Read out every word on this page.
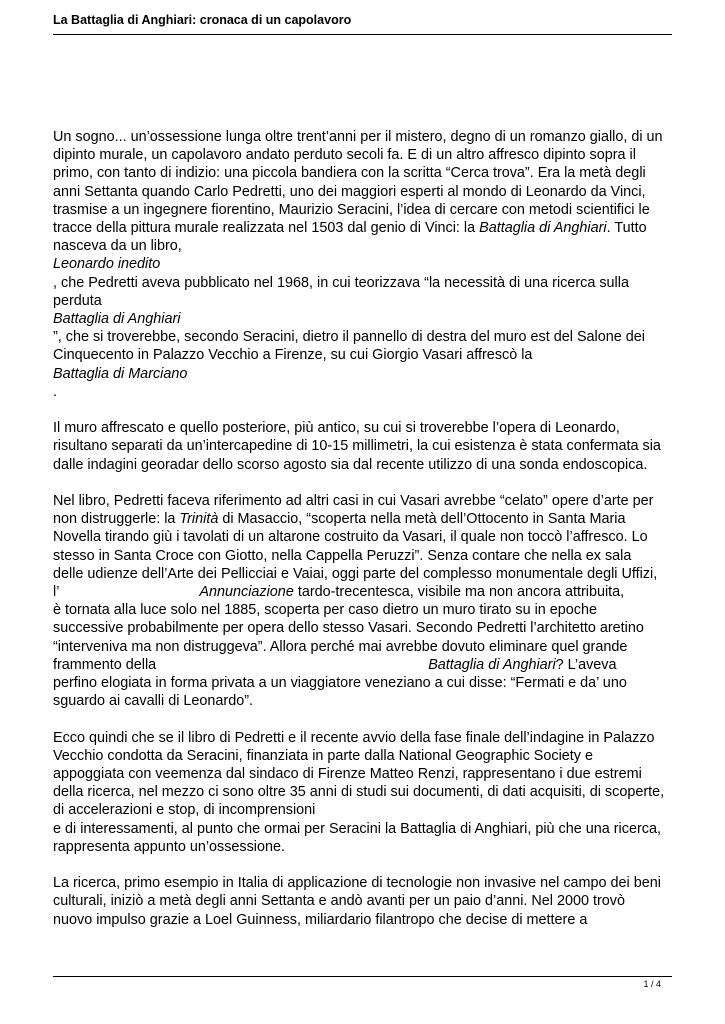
La Battaglia di Anghiari: cronaca di un capolavoro

Un sogno... un’ossessione lunga oltre trent’anni per il mistero, degno di un romanzo giallo, di un
dipinto murale, un capolavoro andato perduto secoli fa. E di un altro affresco dipinto sopra il
primo, con tanto di indizio: una piccola bandiera con la scritta “Cerca trova”. Era la metà degli
anni Settanta quando Carlo Pedretti, uno dei maggiori esperti al mondo di Leonardo da Vinci,
trasmise a un ingegnere fiorentino, Maurizio Seracini, l’idea di cercare con metodi scientifici le
tracce della pittura murale realizzata nel 1503 dal genio di Vinci: la Battaglia di Anghiari. Tutto
nasceva da un libro,
Leonardo inedito
, che Pedretti aveva pubblicato nel 1968, in cui teorizzava “la necessità di una ricerca sulla
perduta
Battaglia di Anghiari
”, che si troverebbe, secondo Seracini, dietro il pannello di destra del muro est del Salone dei
Cinquecento in Palazzo Vecchio a Firenze, su cui Giorgio Vasari affrescò la
Battaglia di Marciano
.

Il muro affrescato e quello posteriore, più antico, su cui si troverebbe l’opera di Leonardo,
risultano separati da un’intercapedine di 10-15 millimetri, la cui esistenza è stata confermata sia
dalle indagini georadar dello scorso agosto sia dal recente utilizzo di una sonda endoscopica.

Nel libro, Pedretti faceva riferimento ad altri casi in cui Vasari avrebbe “celato” opere d’arte per
non distruggerle: la Trinità di Masaccio, “scoperta nella metà dell’Ottocento in Santa Maria
Novella tirando giù i tavolati di un altarone costruito da Vasari, il quale non toccò l’affresco. Lo
stesso in Santa Croce con Giotto, nella Cappella Peruzzi”. Senza contare che nella ex sala
delle udienze dell’Arte dei Pellicciai e Vaiai, oggi parte del complesso monumentale degli Uffizi,
l’	Annunciazione tardo-trecentesca, visibile ma non ancora attribuita,
è tornata alla luce solo nel 1885, scoperta per caso dietro un muro tirato su in epoche
successive probabilmente per opera dello stesso Vasari. Secondo Pedretti l’architetto aretino
“interveniva ma non distruggeva”. Allora perché mai avrebbe dovuto eliminare quel grande
frammento della	Battaglia di Anghiari? L’aveva
perfino elogiata in forma privata a un viaggiatore veneziano a cui disse: “Fermati e da’ uno
sguardo ai cavalli di Leonardo”.

Ecco quindi che se il libro di Pedretti e il recente avvio della fase finale dell’indagine in Palazzo
Vecchio condotta da Seracini, finanziata in parte dalla National Geographic Society e
appoggiata con veemenza dal sindaco di Firenze Matteo Renzi, rappresentano i due estremi
della ricerca, nel mezzo ci sono oltre 35 anni di studi sui documenti, di dati acquisiti, di scoperte,
di accelerazioni e stop, di incomprensioni
e di interessamenti, al punto che ormai per Seracini la Battaglia di Anghiari, più che una ricerca,
rappresenta appunto un’ossessione.

La ricerca, primo esempio in Italia di applicazione di tecnologie non invasive nel campo dei beni
culturali, iniziò a metà degli anni Settanta e andò avanti per un paio d’anni. Nel 2000 trovò
nuovo impulso grazie a Loel Guinness, miliardario filantropo che decise di mettere a

1 / 4
